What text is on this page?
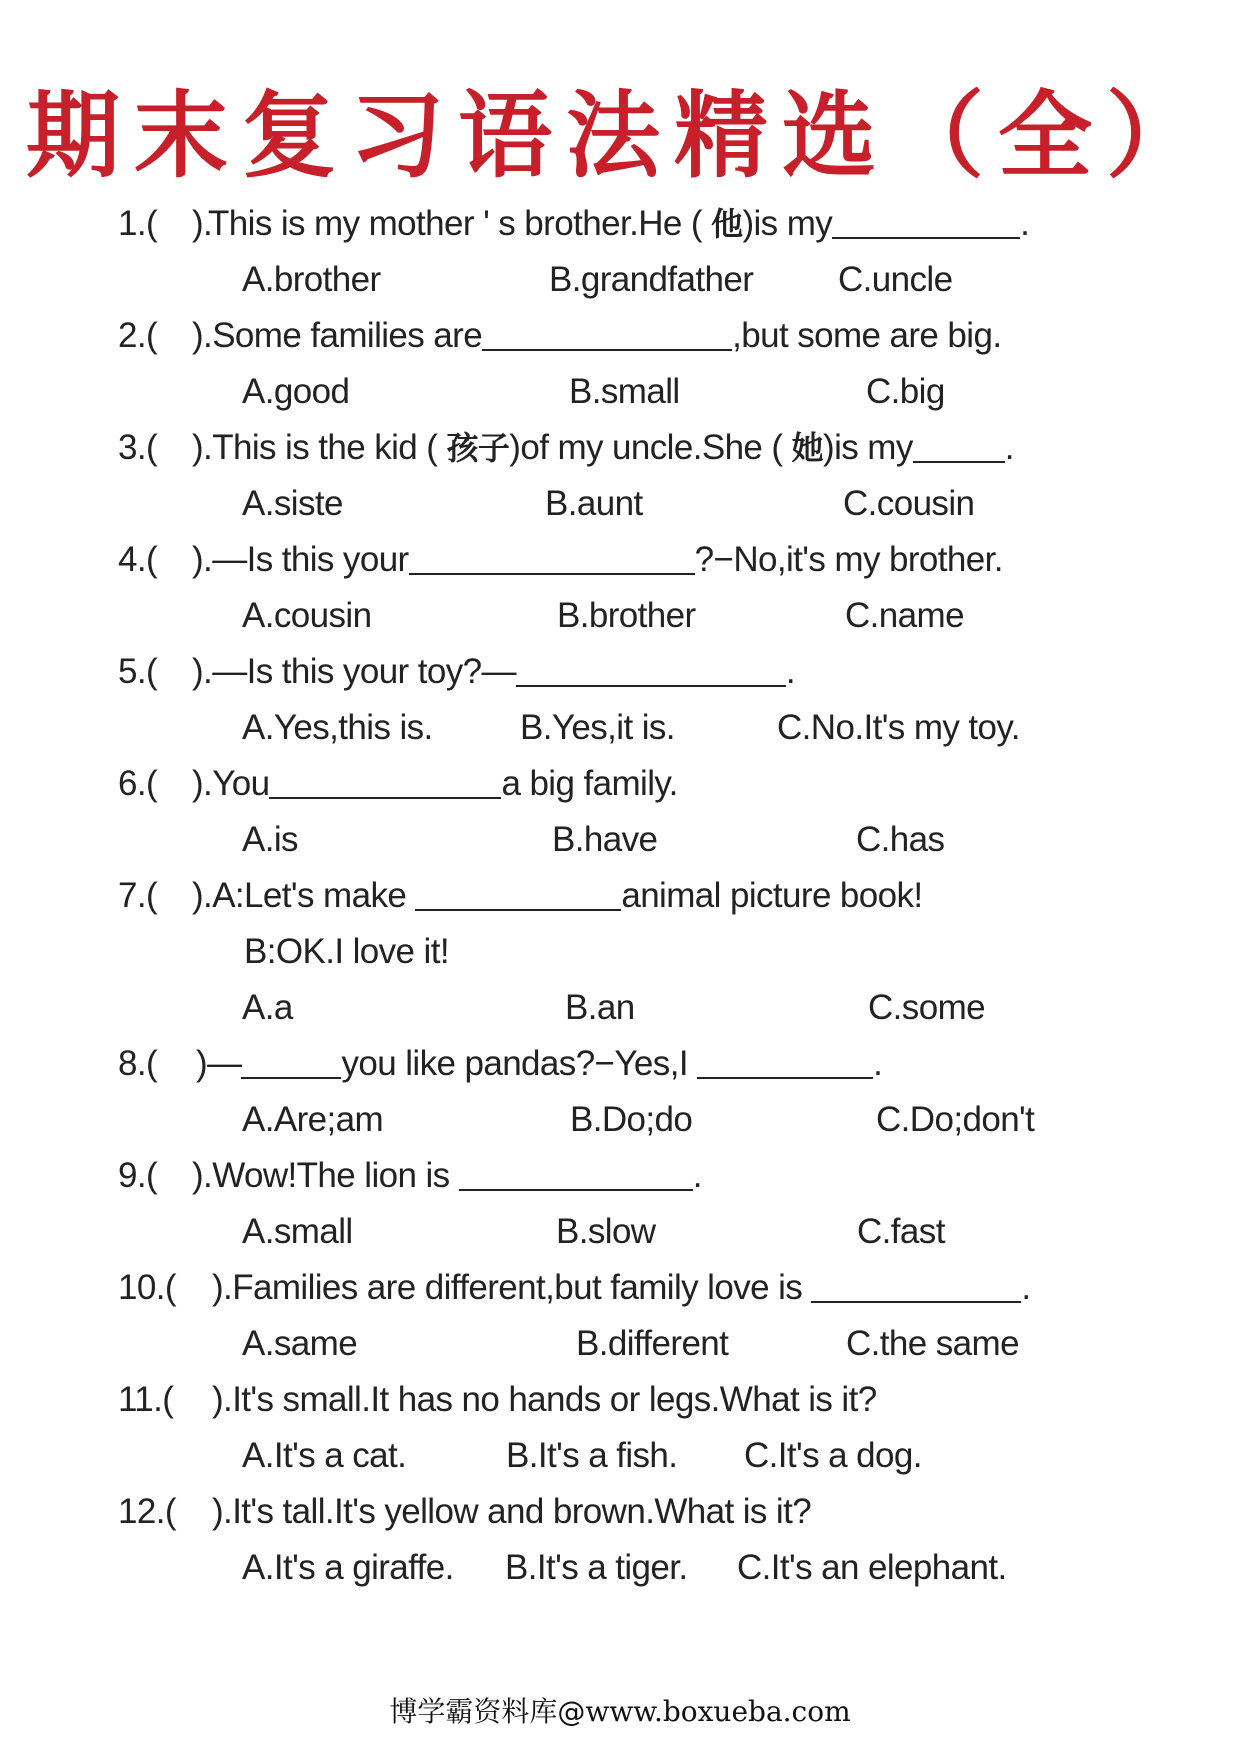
期末复习语法精选（全）
1.( ).
This is my mother ' s brother.He ( 他)is my	.
A.brother	B.grandfather C.uncle
2.( ).Some families are	,but some are big.
A.good	B.small	C.big
3.( ).This is the kid ( 孩子)of my uncle.She ( 她)is my	.
A.siste	B.aunt	C.cousin
4.( ).—Is this your	?−No,it's my brother.
A.cousin	B.brother	C.name
5.( ).—Is this your toy?—	.
A.Yes,this is. B.Yes,it is.	C.No.It's my toy.
6.( ).You	a big family.
A.is	B.have	C.has
7.( ).A:Let's make	animal picture book!
B:OK.I love it!
A.a	B.an	C.some
8.( )—	you like pandas?−Yes,I	.
A.Are;am	B.Do;do	C.Do;don't
9.( ).Wow!The lion is	.
A.small	B.slow	C.fast
10.( ).Families are different,but family love is	.
A.same	B.different	C.the same
11.( ).It's small.It has no hands or legs.What is it?
A.It's a cat.	B.It's a fish. C.It's a dog.
12.( ).It's tall.It's yellow and brown.What is it?
A.It's a giraffe. B.It's a tiger. C.It's an elephant.
博学霸资料库@www.boxueba.com
